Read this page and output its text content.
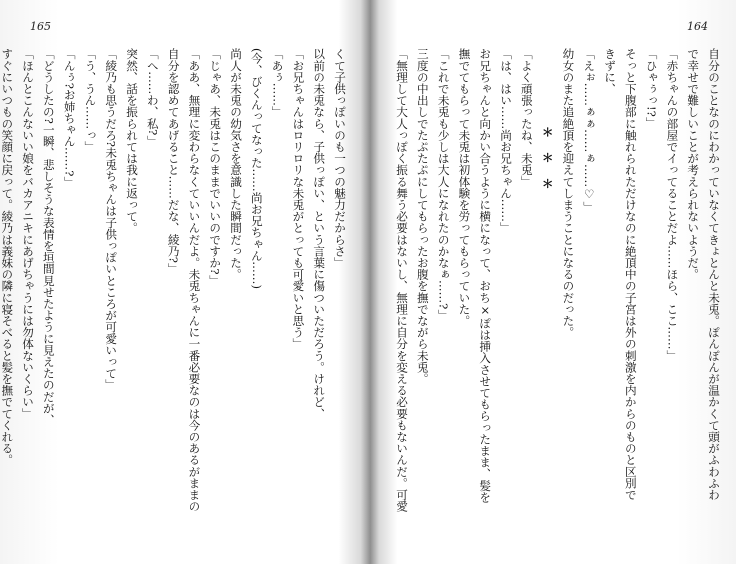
165
くて子供っぽいのも一つの魅力だからさ」
以前の未兎なら、子供っぽい、という言葉に傷ついただろう。けれど、
「お兄ちゃんはロリロリな未兎がとっても可愛いと思う」
「あぅ……」
(今、びくんってなった……尚お兄ちゃん……)
尚人が未兎の幼気さを意識した瞬間だった。
「じゃあ、未兎はこのままでいいのですか?」
「ああ、無理に変わらなくていいんだよ。未兎ちゃんに一番必要なのは今のあるがままの
自分を認めてあげること……だな、綾乃?」
「へ……わ、私?」
突然、話を振られては我に返って。
「綾乃も思うだろ?未兎ちゃんは子供っぽいところが可愛いって」
「う、うん……っ」
「んぅ?お姉ちゃん……?」
「どうしたの?一瞬、悲しそうな表情を垣間見せたように見えたのだが、
「ほんとこんないい娘をバカアニキにあげちゃうには勿体ないくらい」
すぐにいつもの笑顔に戻って。綾乃は義妹の隣に寝そべると髪を撫でてくれる。
164
自分のことなのにわかっていなくてきょとんと未兎。ぽんぽんが温かくて頭がふわふわ
で幸せで難しいことが考えられないようだ。
「赤ちゃんの部屋でイってることだよ……ほら、ここ……」
「ひゃぅっ!?」
そっと下腹部に触れられただけなのに絶頂中の子宮は外の刺激を内からのものと区別で
きずに、
「えぉ……ぁぁ……ぁ……♡」
幼女のまた追絶頂を迎えてしまうことになるのだった。
＊＊＊
「よく頑張ったね、未兎」
「は、はい……尚お兄ちゃん……」
お兄ちゃんと向かい合うように横になって、おち×ぽは挿入させてもらったまま、髪を
撫でてもらって未兎は初体験を労ってもらっていた。
「これで未兎も少しは大人になれたのかなぁ……?」
三度の中出しでたぷたぷにしてもらったお腹を撫でながら未兎。
「無理して大人っぽく振る舞う必要はないし、無理に自分を変える必要もないんだ。可愛
